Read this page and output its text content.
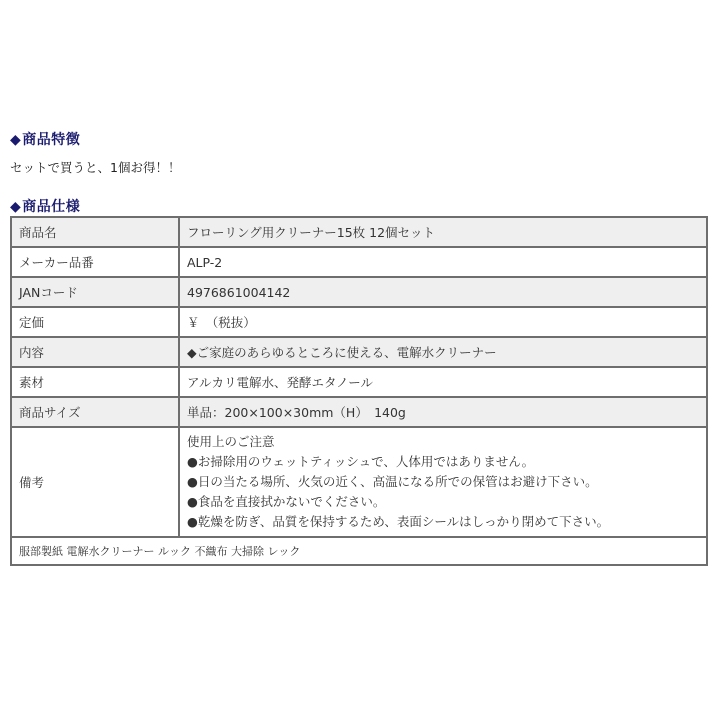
◆商品特徴
セットで買うと、1個お得！！
◆商品仕様
商品名	フローリング用クリーナー15枚 12個セット
メーカー品番	ALP-2
JANコード	4976861004142
定価	￥　（税抜）
内容	◆ご家庭のあらゆるところに使える、電解水クリーナー
素材	アルカリ電解水、発酵エタノール
商品サイズ	単品：200×100×30mm（H）　140g
備考	使用上のご注意
●お掃除用のウェットティッシュで、人体用ではありません。
●日の当たる場所、火気の近く、高温になる所での保管はお避け下さい。
●食品を直接拭かないでください。
●乾燥を防ぎ、品質を保持するため、表面シールはしっかり閉めて下さい。

服部製紙 電解水クリーナー ルック 不織布 大掃除 レック	
